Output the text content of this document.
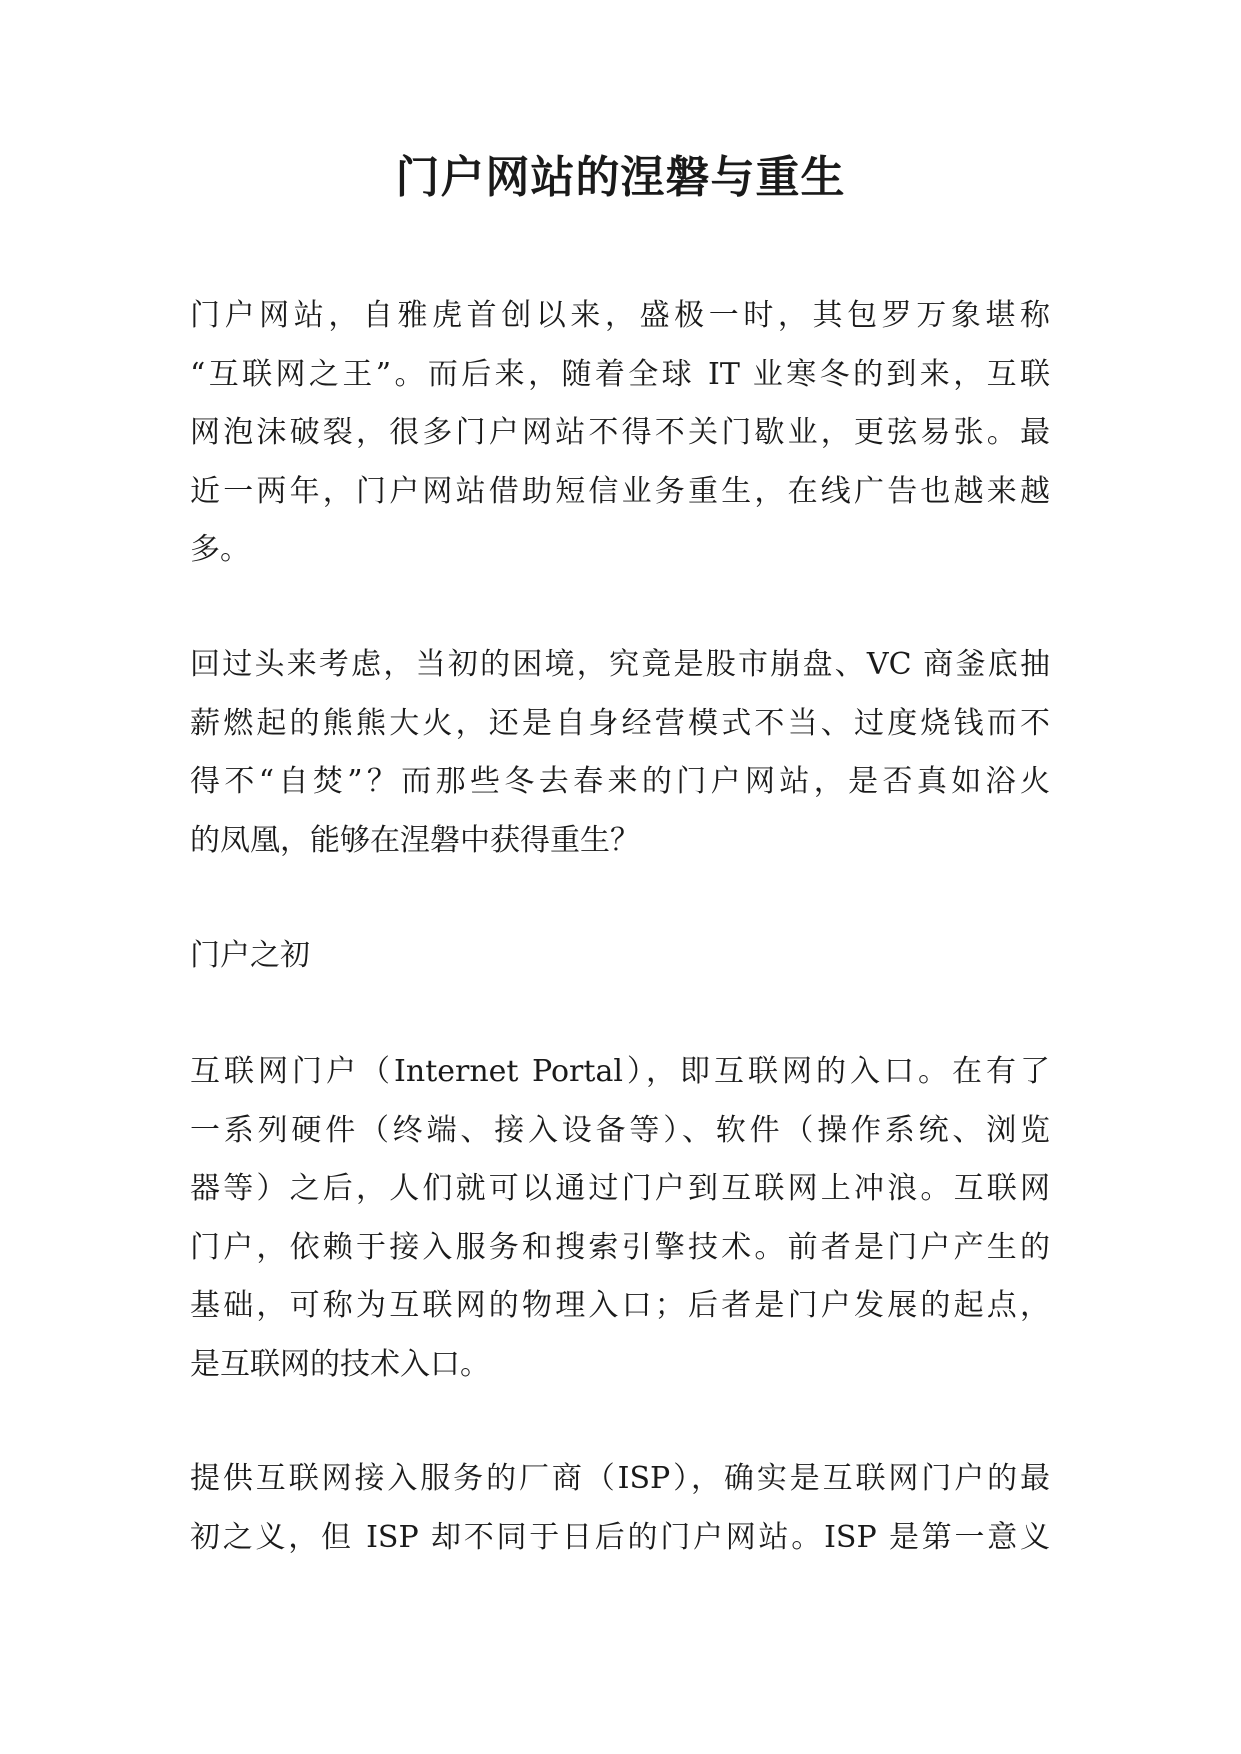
门户网站的涅磐与重生

门户网站，自雅虎首创以来，盛极一时，其包罗万象堪称
“互联网之王”。而后来，随着全球 IT 业寒冬的到来，互联
网泡沫破裂，很多门户网站不得不关门歇业，更弦易张。最
近一两年，门户网站借助短信业务重生，在线广告也越来越
多。

回过头来考虑，当初的困境，究竟是股市崩盘、VC 商釜底抽
薪燃起的熊熊大火，还是自身经营模式不当、过度烧钱而不
得不“自焚”？而那些冬去春来的门户网站，是否真如浴火
的凤凰，能够在涅磐中获得重生？

门户之初

互联网门户（Internet Portal），即互联网的入口。在有了
一系列硬件（终端、接入设备等）、软件（操作系统、浏览
器等）之后，人们就可以通过门户到互联网上冲浪。互联网
门户，依赖于接入服务和搜索引擎技术。前者是门户产生的
基础，可称为互联网的物理入口；后者是门户发展的起点，
是互联网的技术入口。

提供互联网接入服务的厂商（ISP），确实是互联网门户的最
初之义，但 ISP 却不同于日后的门户网站。ISP 是第一意义
